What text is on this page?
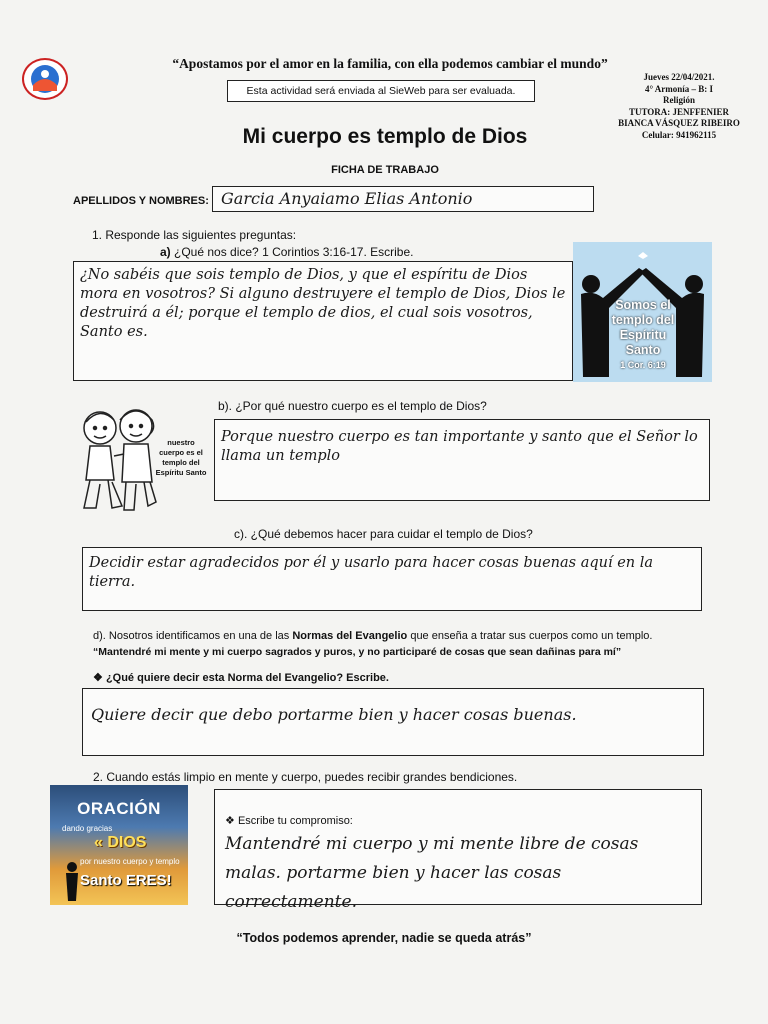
“Apostamos por el amor en la familia, con ella podemos cambiar el mundo”
Esta actividad será enviada al SieWeb para ser evaluada.
Jueves 22/04/2021.
4° Armonía – B: I
Religión
TUTORA: JENFFENIER
BIANCA VÁSQUEZ RIBEIRO
Celular: 941962115
Mi cuerpo es templo de Dios
FICHA DE TRABAJO
APELLIDOS Y NOMBRES: Garcia Anyaiamo Elias Antonio
1. Responde las siguientes preguntas:
a) ¿Qué nos dice? 1 Corintios 3:16-17. Escribe.
¿No sabéis que sois templo de Dios, y que el espíritu de Dios mora en vosotros? Si alguno destruyere el templo de Dios, Dios le destruirá a él; porque el templo de dios, el cual sois vosotros, Santo es.
Somos el templo del Espíritu Santo
1 Cor. 6:19
nuestro cuerpo es el templo del Espíritu Santo
b). ¿Por qué nuestro cuerpo es el templo de Dios?
Porque nuestro cuerpo es tan importante y santo que el Señor lo llama un templo
c). ¿Qué debemos hacer para cuidar el templo de Dios?
Decidir estar agradecidos por él y usarlo para hacer cosas buenas aquí en la tierra.
d). Nosotros identificamos en una de las Normas del Evangelio que enseña a tratar sus cuerpos como un templo.
“Mantendré mi mente y mi cuerpo sagrados y puros, y no participaré de cosas que sean dañinas para mí”
❖ ¿Qué quiere decir esta Norma del Evangelio? Escribe.
Quiere decir que debo portarme bien y hacer cosas buenas.
2. Cuando estás limpio en mente y cuerpo, puedes recibir grandes bendiciones.
ORACIÓN
dando gracias
« DIOS
por nuestro cuerpo y templo
Santo ERES!
❖ Escribe tu compromiso:
Mantendré mi cuerpo y mi mente libre de cosas malas. portarme bien y hacer las cosas correctamente.
“Todos podemos aprender, nadie se queda atrás”
